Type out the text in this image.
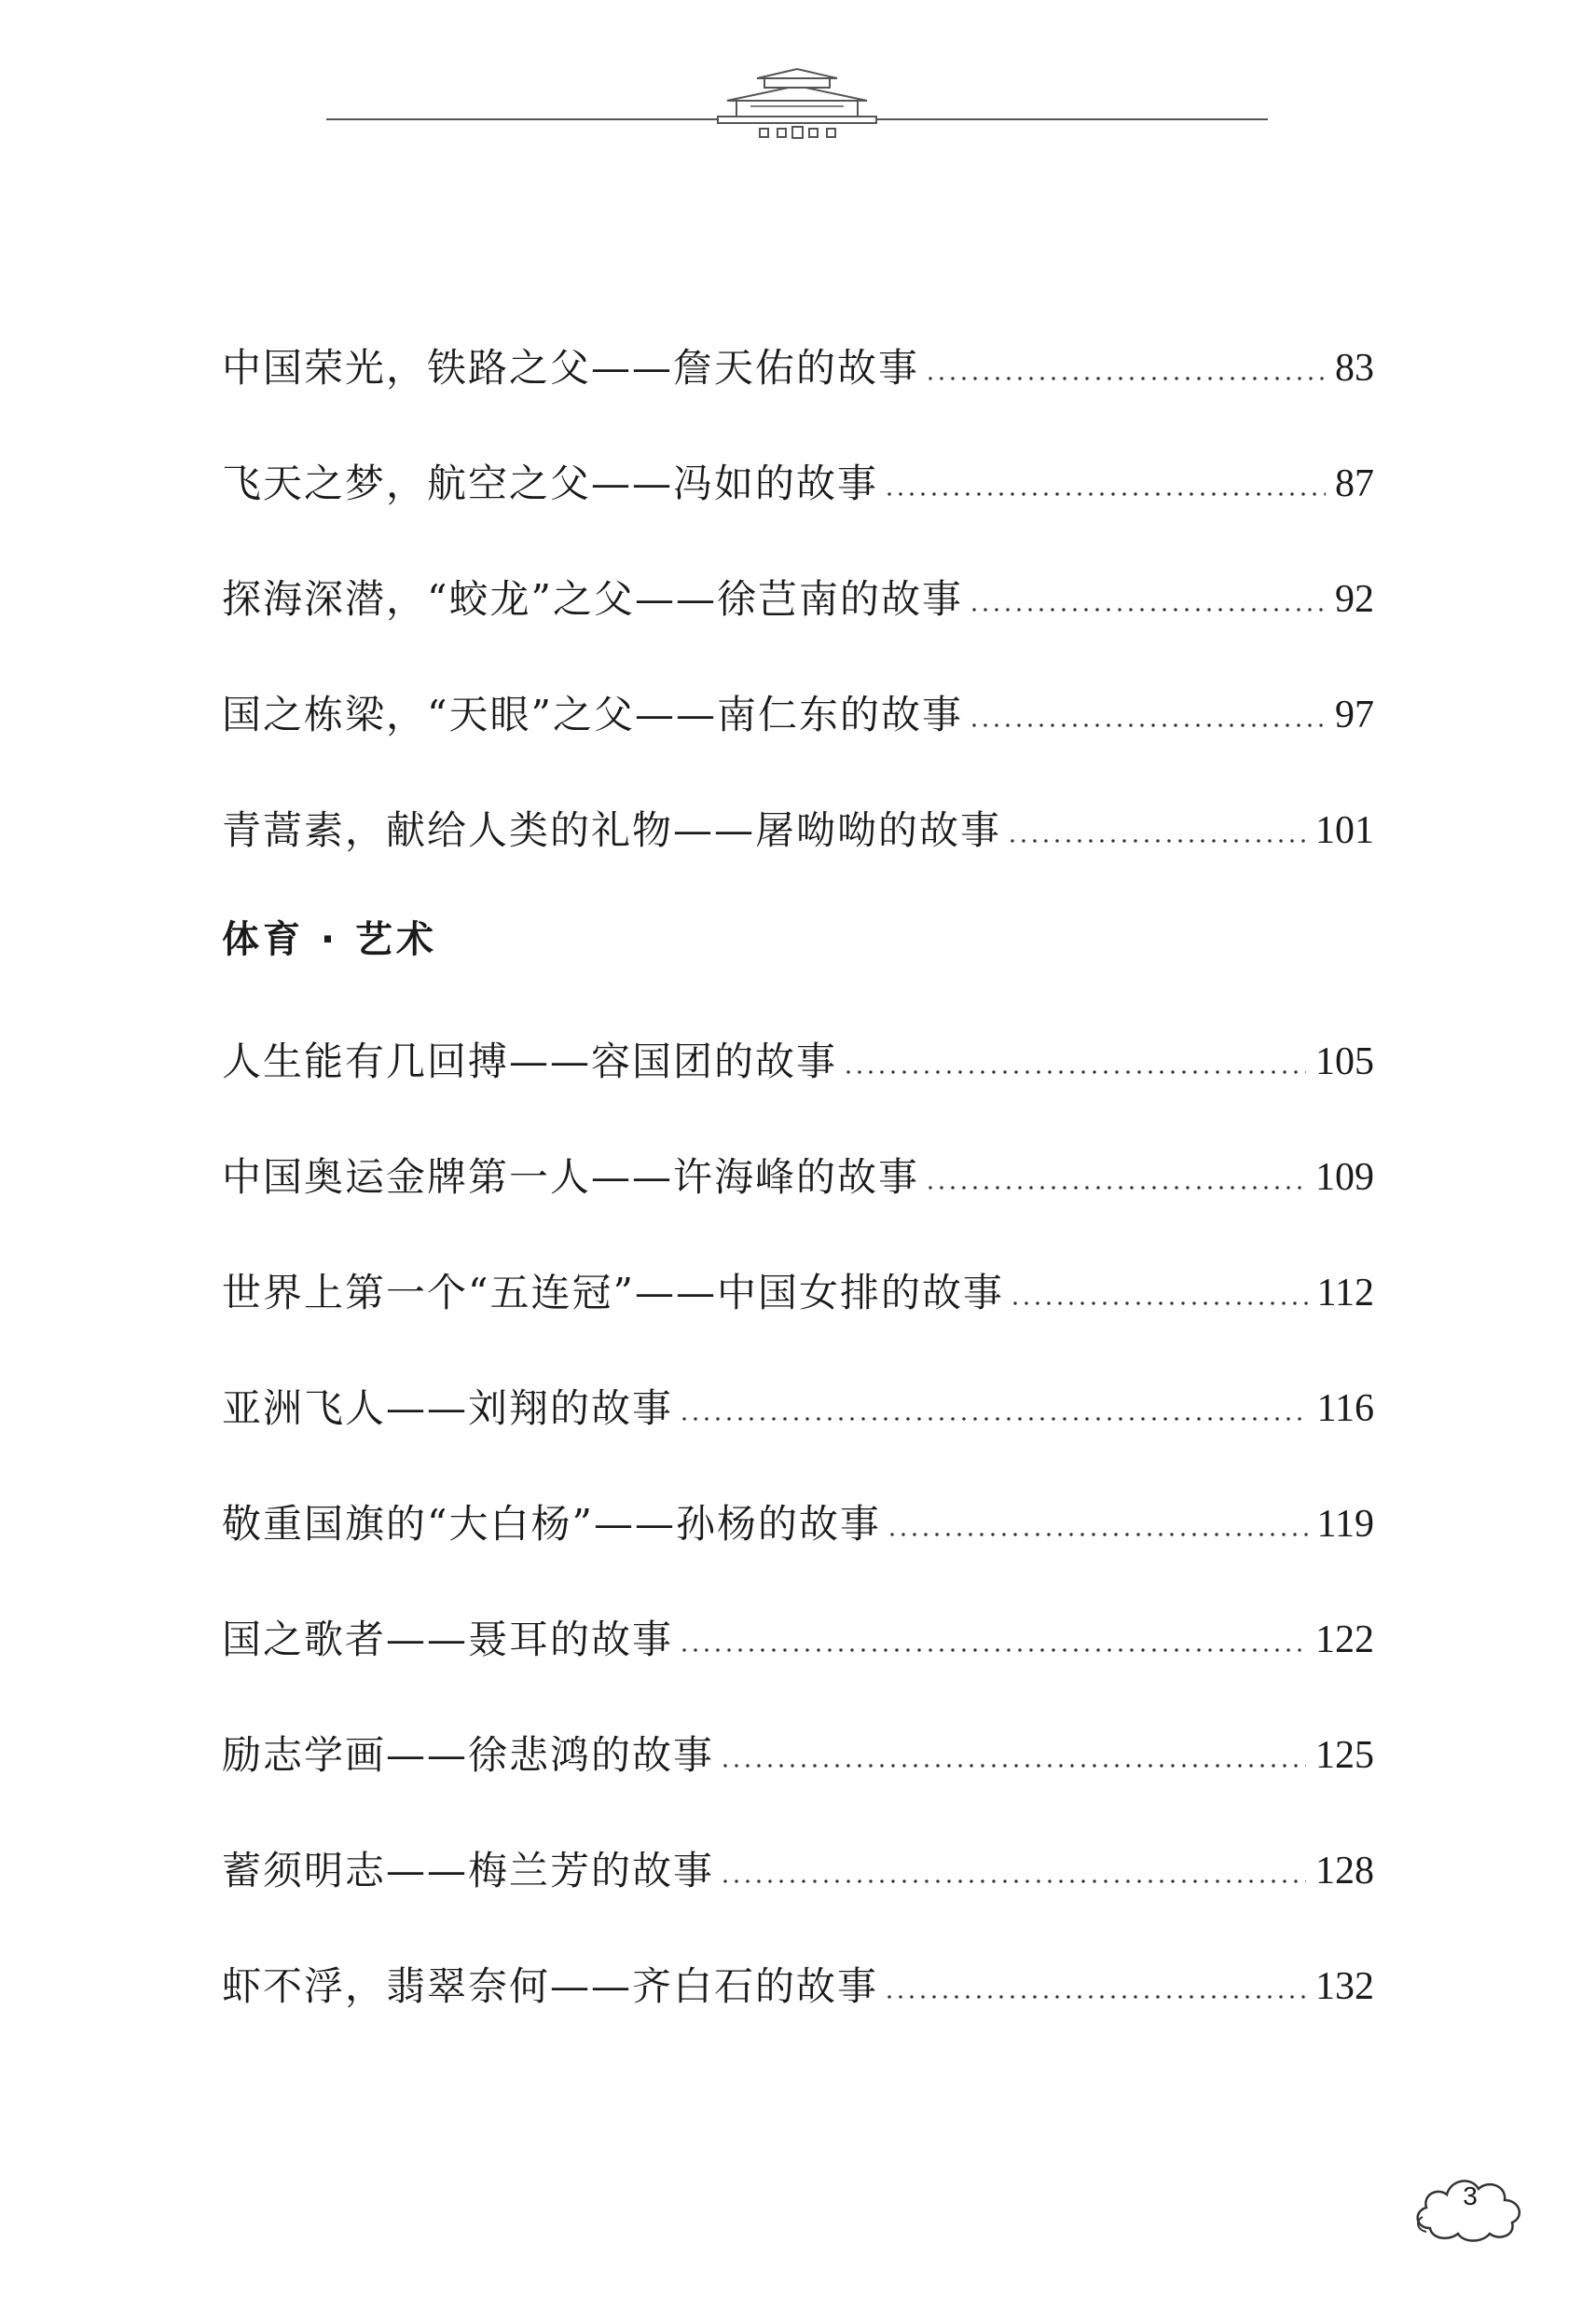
中国荣光，铁路之父——詹天佑的故事	83
飞天之梦，航空之父——冯如的故事	87
探海深潜，“蛟龙”之父——徐芑南的故事	92
国之栋梁，“天眼”之父——南仁东的故事	97
青蒿素，献给人类的礼物——屠呦呦的故事	101
体育 · 艺术
人生能有几回搏——容国团的故事	105
中国奥运金牌第一人——许海峰的故事	109
世界上第一个“五连冠”——中国女排的故事	112
亚洲飞人——刘翔的故事	116
敬重国旗的“大白杨”——孙杨的故事	119
国之歌者——聂耳的故事	122
励志学画——徐悲鸿的故事	125
蓄须明志——梅兰芳的故事	128
虾不浮，翡翠奈何——齐白石的故事	132
3
